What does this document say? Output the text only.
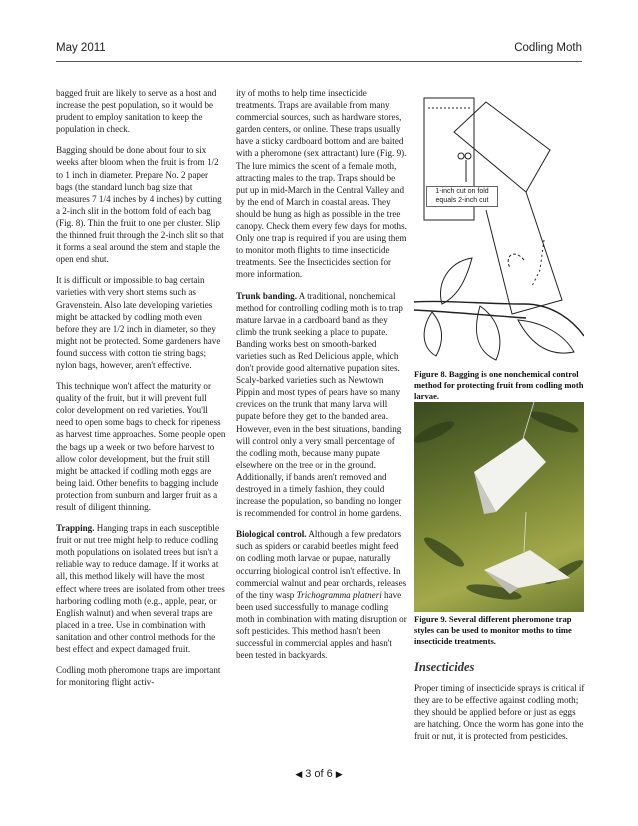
May 2011	Codling Moth

bagged fruit are likely to serve as a host and increase the pest population, so it would be prudent to employ sanitation to keep the population in check.

Bagging should be done about four to six weeks after bloom when the fruit is from 1/2 to 1 inch in diameter. Prepare No. 2 paper bags (the standard lunch bag size that measures 7 1/4 inches by 4 inches) by cutting a 2-inch slit in the bottom fold of each bag (Fig. 8). Thin the fruit to one per cluster. Slip the thinned fruit through the 2-inch slit so that it forms a seal around the stem and staple the open end shut.

It is difficult or impossible to bag certain varieties with very short stems such as Gravenstein. Also late developing varieties might be attacked by codling moth even before they are 1/2 inch in diameter, so they might not be protected. Some gardeners have found success with cotton tie string bags; nylon bags, however, aren't effective.

This technique won't affect the maturity or quality of the fruit, but it will prevent full color development on red varieties. You'll need to open some bags to check for ripeness as harvest time approaches. Some people open the bags up a week or two before harvest to allow color development, but the fruit still might be attacked if codling moth eggs are being laid. Other benefits to bagging include protection from sunburn and larger fruit as a result of diligent thinning.

Trapping. Hanging traps in each susceptible fruit or nut tree might help to reduce codling moth populations on isolated trees but isn't a reliable way to reduce damage. If it works at all, this method likely will have the most effect where trees are isolated from other trees harboring codling moth (e.g., apple, pear, or English walnut) and when several traps are placed in a tree. Use in combination with sanitation and other control methods for the best effect and expect damaged fruit.

Codling moth pheromone traps are important for monitoring flight activ-

ity of moths to help time insecticide treatments. Traps are available from many commercial sources, such as hardware stores, garden centers, or online. These traps usually have a sticky cardboard bottom and are baited with a pheromone (sex attractant) lure (Fig. 9). The lure mimics the scent of a female moth, attracting males to the trap. Traps should be put up in mid-March in the Central Valley and by the end of March in coastal areas. They should be hung as high as possible in the tree canopy. Check them every few days for moths. Only one trap is required if you are using them to monitor moth flights to time insecticide treatments. See the Insecticides section for more information.

Trunk banding. A traditional, nonchemical method for controlling codling moth is to trap mature larvae in a cardboard band as they climb the trunk seeking a place to pupate. Banding works best on smooth-barked varieties such as Red Delicious apple, which don't provide good alternative pupation sites. Scaly-barked varieties such as Newtown Pippin and most types of pears have so many crevices on the trunk that many larva will pupate before they get to the banded area. However, even in the best situations, banding will control only a very small percentage of the codling moth, because many pupate elsewhere on the tree or in the ground. Additionally, if bands aren't removed and destroyed in a timely fashion, they could increase the population, so banding no longer is recommended for control in home gardens.

Biological control. Although a few predators such as spiders or carabid beetles might feed on codling moth larvae or pupae, naturally occurring biological control isn't effective. In commercial walnut and pear orchards, releases of the tiny wasp Trichogramma platneri have been used successfully to manage codling moth in combination with mating disruption or soft pesticides. This method hasn't been successful in commercial apples and hasn't been tested in backyards.

1-inch cut on fold equals 2-inch cut
Figure 8. Bagging is one nonchemical control method for protecting fruit from codling moth larvae.
Figure 9. Several different pheromone trap styles can be used to monitor moths to time insecticide treatments.
Insecticides
Proper timing of insecticide sprays is critical if they are to be effective against codling moth; they should be applied before or just as eggs are hatching. Once the worm has gone into the fruit or nut, it is protected from pesticides.
◀ 3 of 6 ▶
